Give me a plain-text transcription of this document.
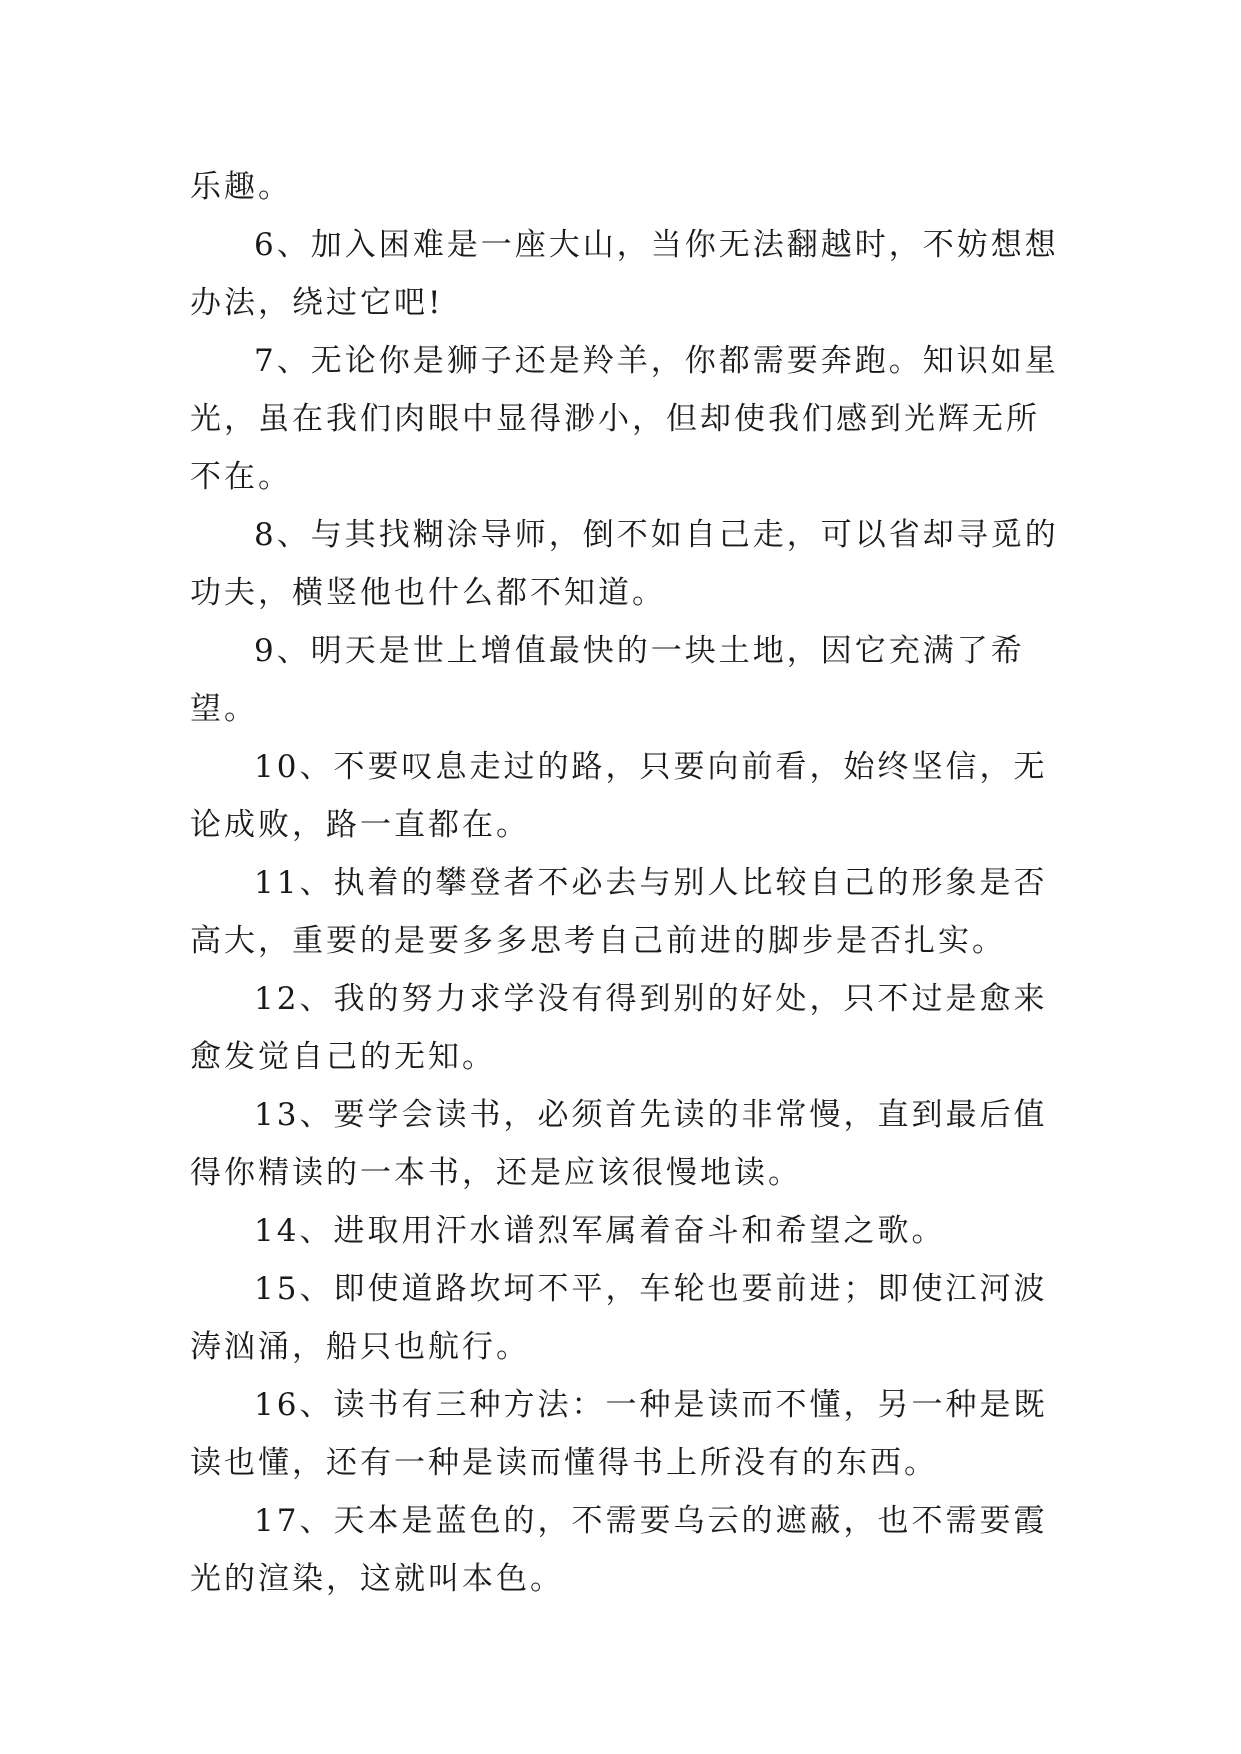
乐趣。

6、加入困难是一座大山，当你无法翻越时，不妨想想办法，绕过它吧!

7、无论你是狮子还是羚羊，你都需要奔跑。知识如星光，虽在我们肉眼中显得渺小，但却使我们感到光辉无所不在。

8、与其找糊涂导师，倒不如自己走，可以省却寻觅的功夫，横竖他也什么都不知道。

9、明天是世上增值最快的一块土地，因它充满了希望。

10、不要叹息走过的路，只要向前看，始终坚信，无论成败，路一直都在。

11、执着的攀登者不必去与别人比较自己的形象是否高大，重要的是要多多思考自己前进的脚步是否扎实。

12、我的努力求学没有得到别的好处，只不过是愈来愈发觉自己的无知。

13、要学会读书，必须首先读的非常慢，直到最后值得你精读的一本书，还是应该很慢地读。

14、进取用汗水谱烈军属着奋斗和希望之歌。

15、即使道路坎坷不平，车轮也要前进；即使江河波涛汹涌，船只也航行。

16、读书有三种方法：一种是读而不懂，另一种是既读也懂，还有一种是读而懂得书上所没有的东西。

17、天本是蓝色的，不需要乌云的遮蔽，也不需要霞光的渲染，这就叫本色。
